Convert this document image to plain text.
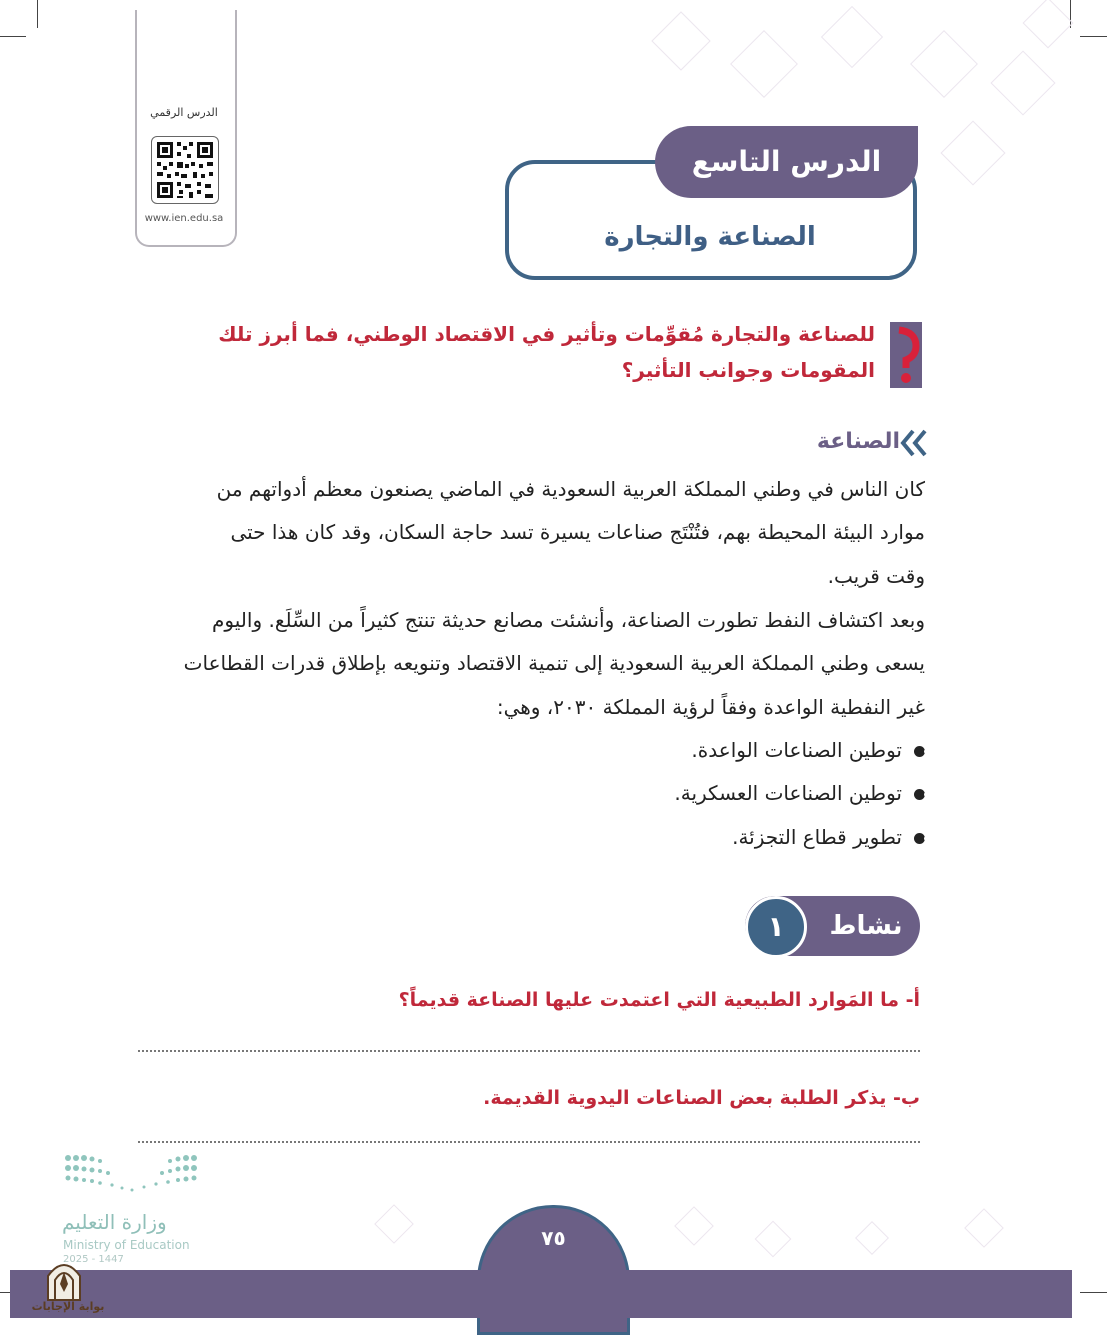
الدرس الرقمي
www.ien.edu.sa
الدرس التاسع
الصناعة والتجارة
للصناعة والتجارة مُقوِّمات وتأثير في الاقتصاد الوطني، فما أبرز تلك المقومات وجوانب التأثير؟
الصناعة
كان الناس في وطني المملكة العربية السعودية في الماضي يصنعون معظم أدواتهم من
موارد البيئة المحيطة بهم، فتُنْتَج صناعات يسيرة تسد حاجة السكان، وقد كان هذا حتى
وقت قريب.
وبعد اكتشاف النفط تطورت الصناعة، وأنشئت مصانع حديثة تنتج كثيراً من السِّلَع. واليوم
يسعى وطني المملكة العربية السعودية إلى تنمية الاقتصاد وتنويعه بإطلاق قدرات القطاعات
غير النفطية الواعدة وفقاً لرؤية المملكة ٢٠٣٠، وهي:
توطين الصناعات الواعدة.
توطين الصناعات العسكرية.
تطوير قطاع التجزئة.
نشاط
١
أ- ما المَوارد الطبيعية التي اعتمدت عليها الصناعة قديماً؟
ب- يذكر الطلبة بعض الصناعات اليدوية القديمة.
وزارة التعليم
Ministry of Education
2025 - 1447
٧٥
بوابة الإجابات
